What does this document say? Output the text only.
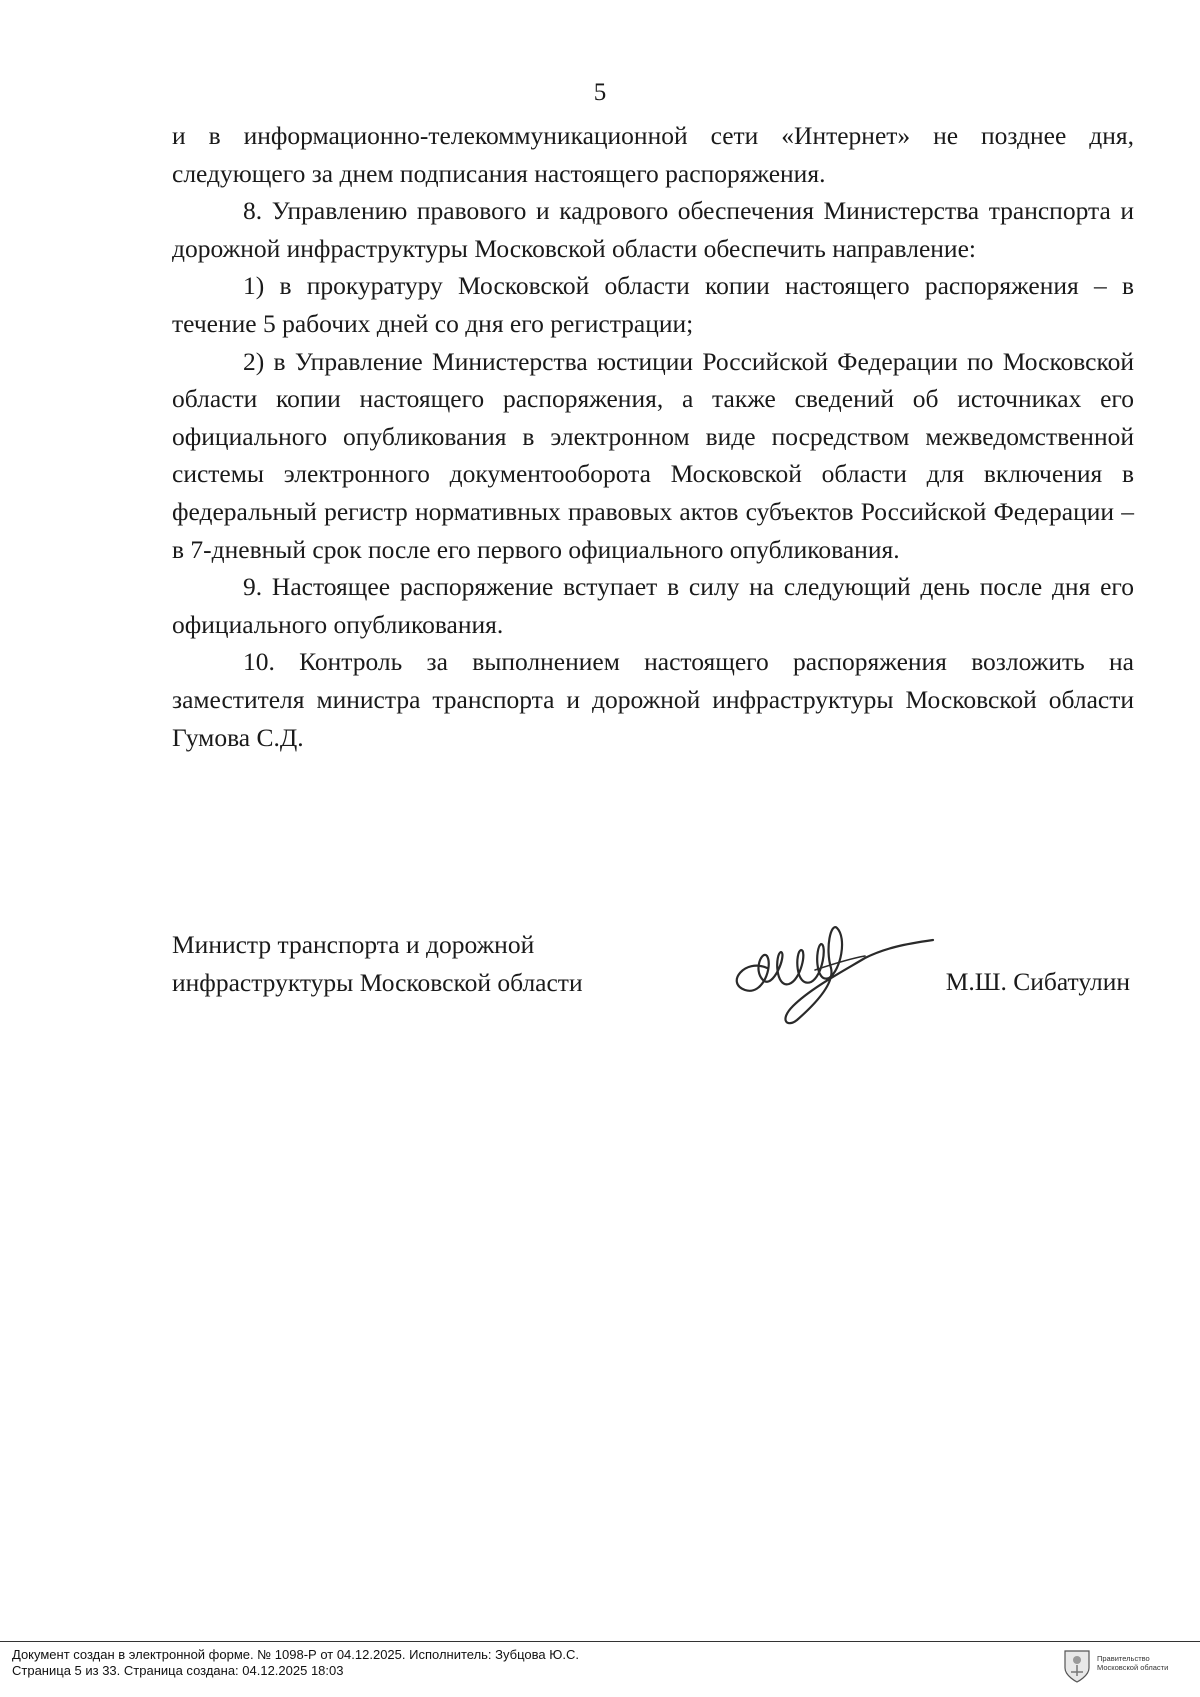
5

и в информационно-телекоммуникационной сети «Интернет» не позднее дня, следующего за днем подписания настоящего распоряжения.

8. Управлению правового и кадрового обеспечения Министерства транспорта и дорожной инфраструктуры Московской области обеспечить направление:

1) в прокуратуру Московской области копии настоящего распоряжения – в течение 5 рабочих дней со дня его регистрации;

2) в Управление Министерства юстиции Российской Федерации по Московской области копии настоящего распоряжения, а также сведений об источниках его официального опубликования в электронном виде посредством межведомственной системы электронного документооборота Московской области для включения в федеральный регистр нормативных правовых актов субъектов Российской Федерации – в 7-дневный срок после его первого официального опубликования.

9. Настоящее распоряжение вступает в силу на следующий день после дня его официального опубликования.

10. Контроль за выполнением настоящего распоряжения возложить на заместителя министра транспорта и дорожной инфраструктуры Московской области Гумова С.Д.

Министр транспорта и дорожной
инфраструктуры Московской области	М.Ш. Сибатулин
Документ создан в электронной форме. № 1098-Р от 04.12.2025. Исполнитель: Зубцова Ю.С.
Страница 5 из 33. Страница создана: 04.12.2025 18:03
Правительство
Московской области
